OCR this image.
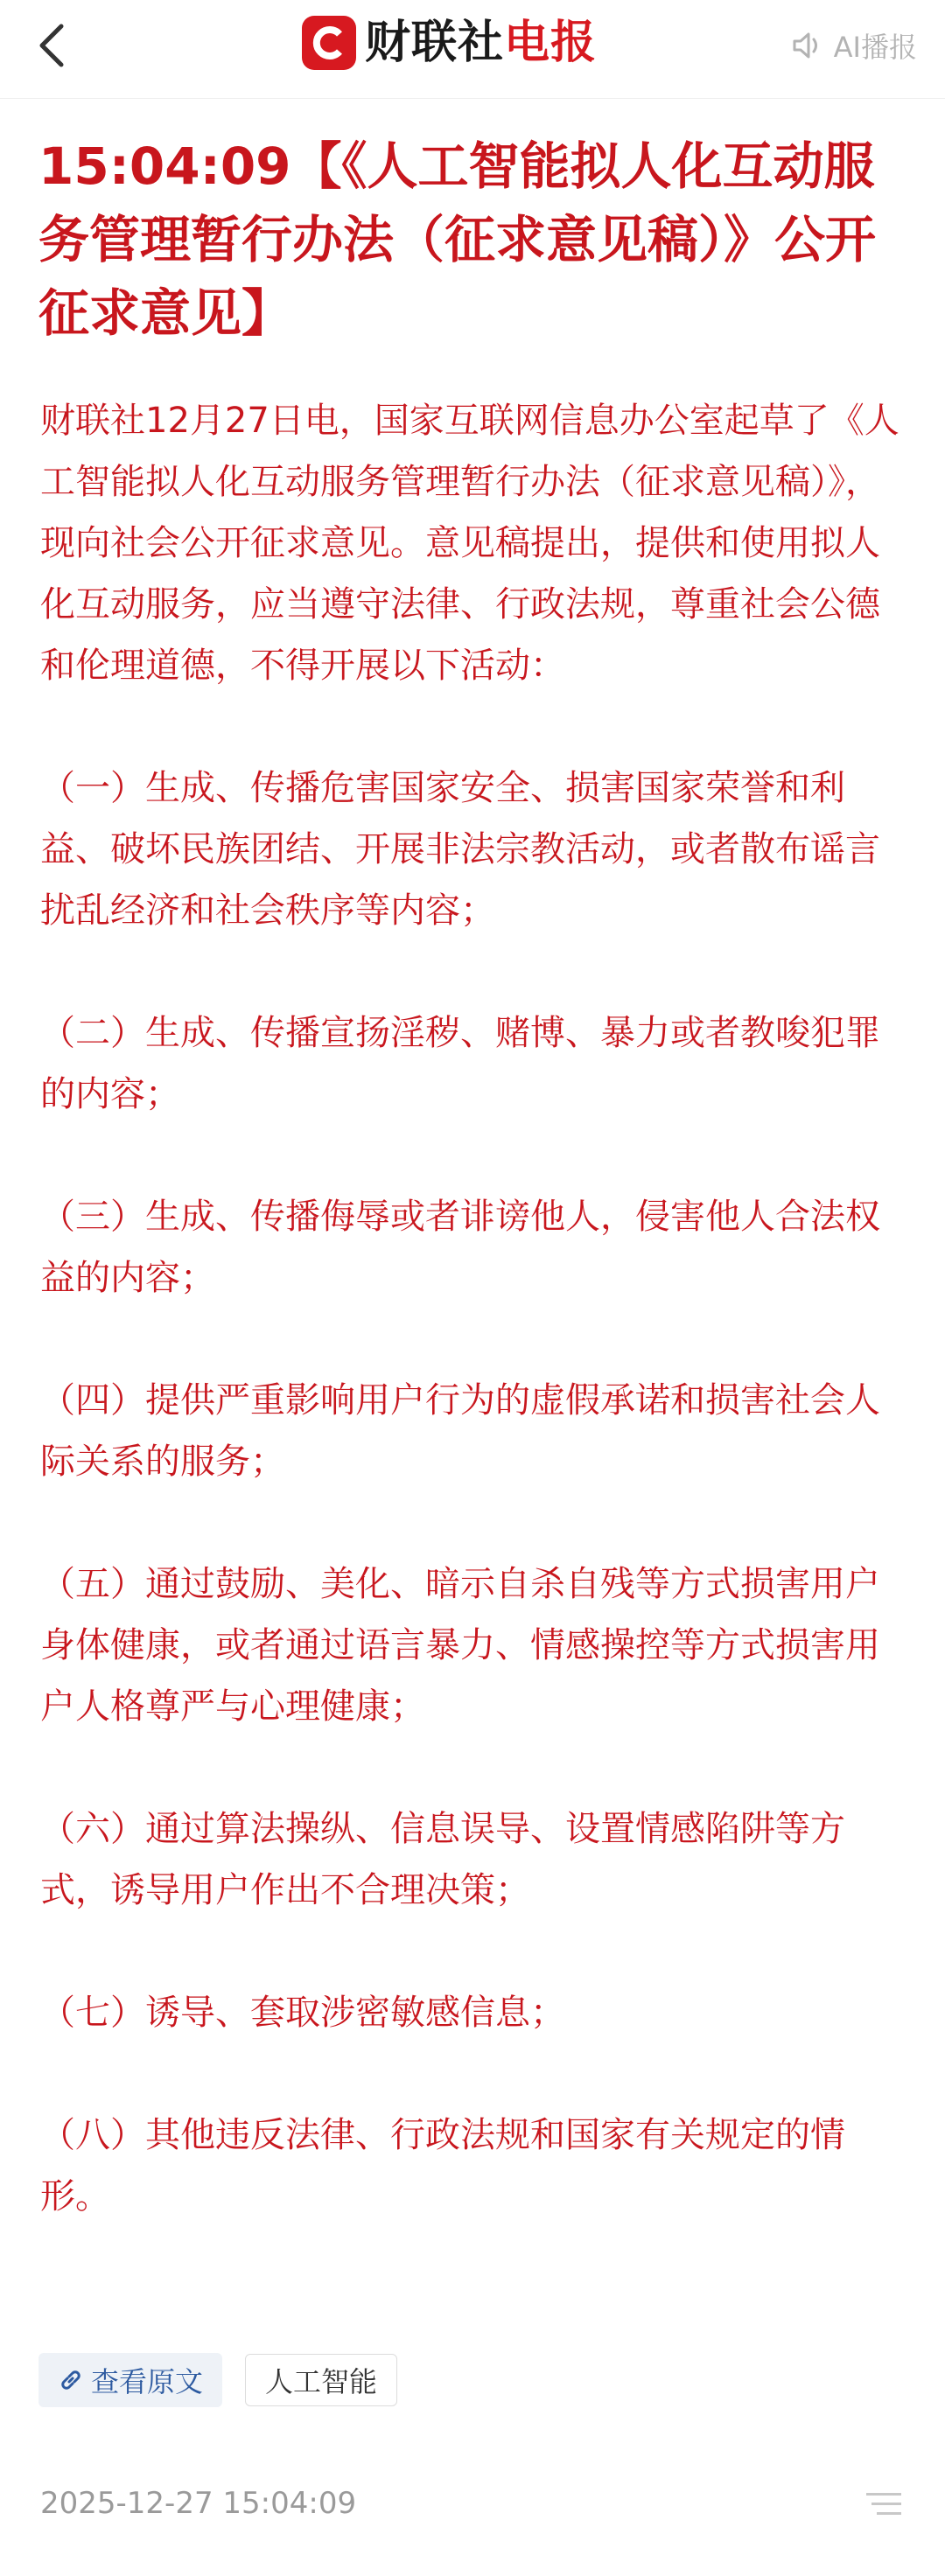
财联社电报	AI播报
15:04:09【《人工智能拟人化互动服务管理暂行办法（征求意见稿）》公开征求意见】

财联社12月27日电，国家互联网信息办公室起草了《人工智能拟人化互动服务管理暂行办法（征求意见稿）》，现向社会公开征求意见。意见稿提出，提供和使用拟人化互动服务，应当遵守法律、行政法规，尊重社会公德和伦理道德，不得开展以下活动：

（一）生成、传播危害国家安全、损害国家荣誉和利益、破坏民族团结、开展非法宗教活动，或者散布谣言扰乱经济和社会秩序等内容；

（二）生成、传播宣扬淫秽、赌博、暴力或者教唆犯罪的内容；

（三）生成、传播侮辱或者诽谤他人，侵害他人合法权益的内容；

（四）提供严重影响用户行为的虚假承诺和损害社会人际关系的服务；

（五）通过鼓励、美化、暗示自杀自残等方式损害用户身体健康，或者通过语言暴力、情感操控等方式损害用户人格尊严与心理健康；

（六）通过算法操纵、信息误导、设置情感陷阱等方式，诱导用户作出不合理决策；

（七）诱导、套取涉密敏感信息；

（八）其他违反法律、行政法规和国家有关规定的情形。

查看原文	人工智能
2025-12-27 15:04:09
